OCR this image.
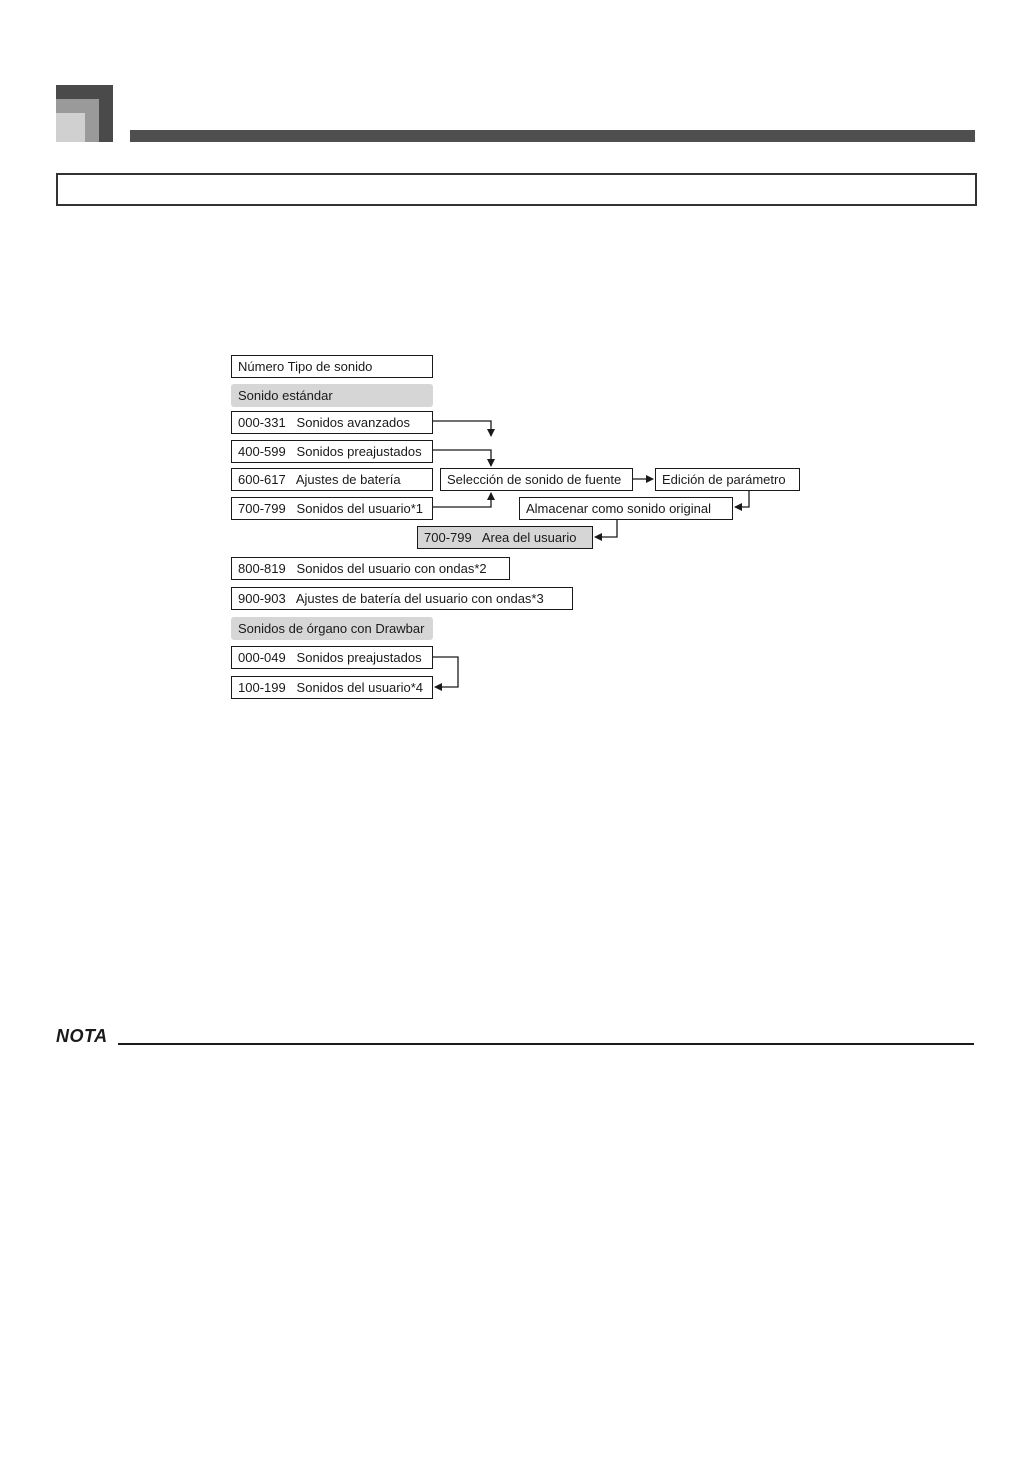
Número Tipo de sonido
Sonido estándar
000-331   Sonidos avanzados
400-599   Sonidos preajustados
600-617   Ajustes de batería
700-799   Sonidos del usuario*1
Selección de sonido de fuente	Edición de parámetro
Almacenar como sonido original
700-799   Area del usuario
800-819   Sonidos del usuario con ondas*2
900-903   Ajustes de batería del usuario con ondas*3
Sonidos de órgano con Drawbar
000-049   Sonidos preajustados
100-199   Sonidos del usuario*4
NOTA
